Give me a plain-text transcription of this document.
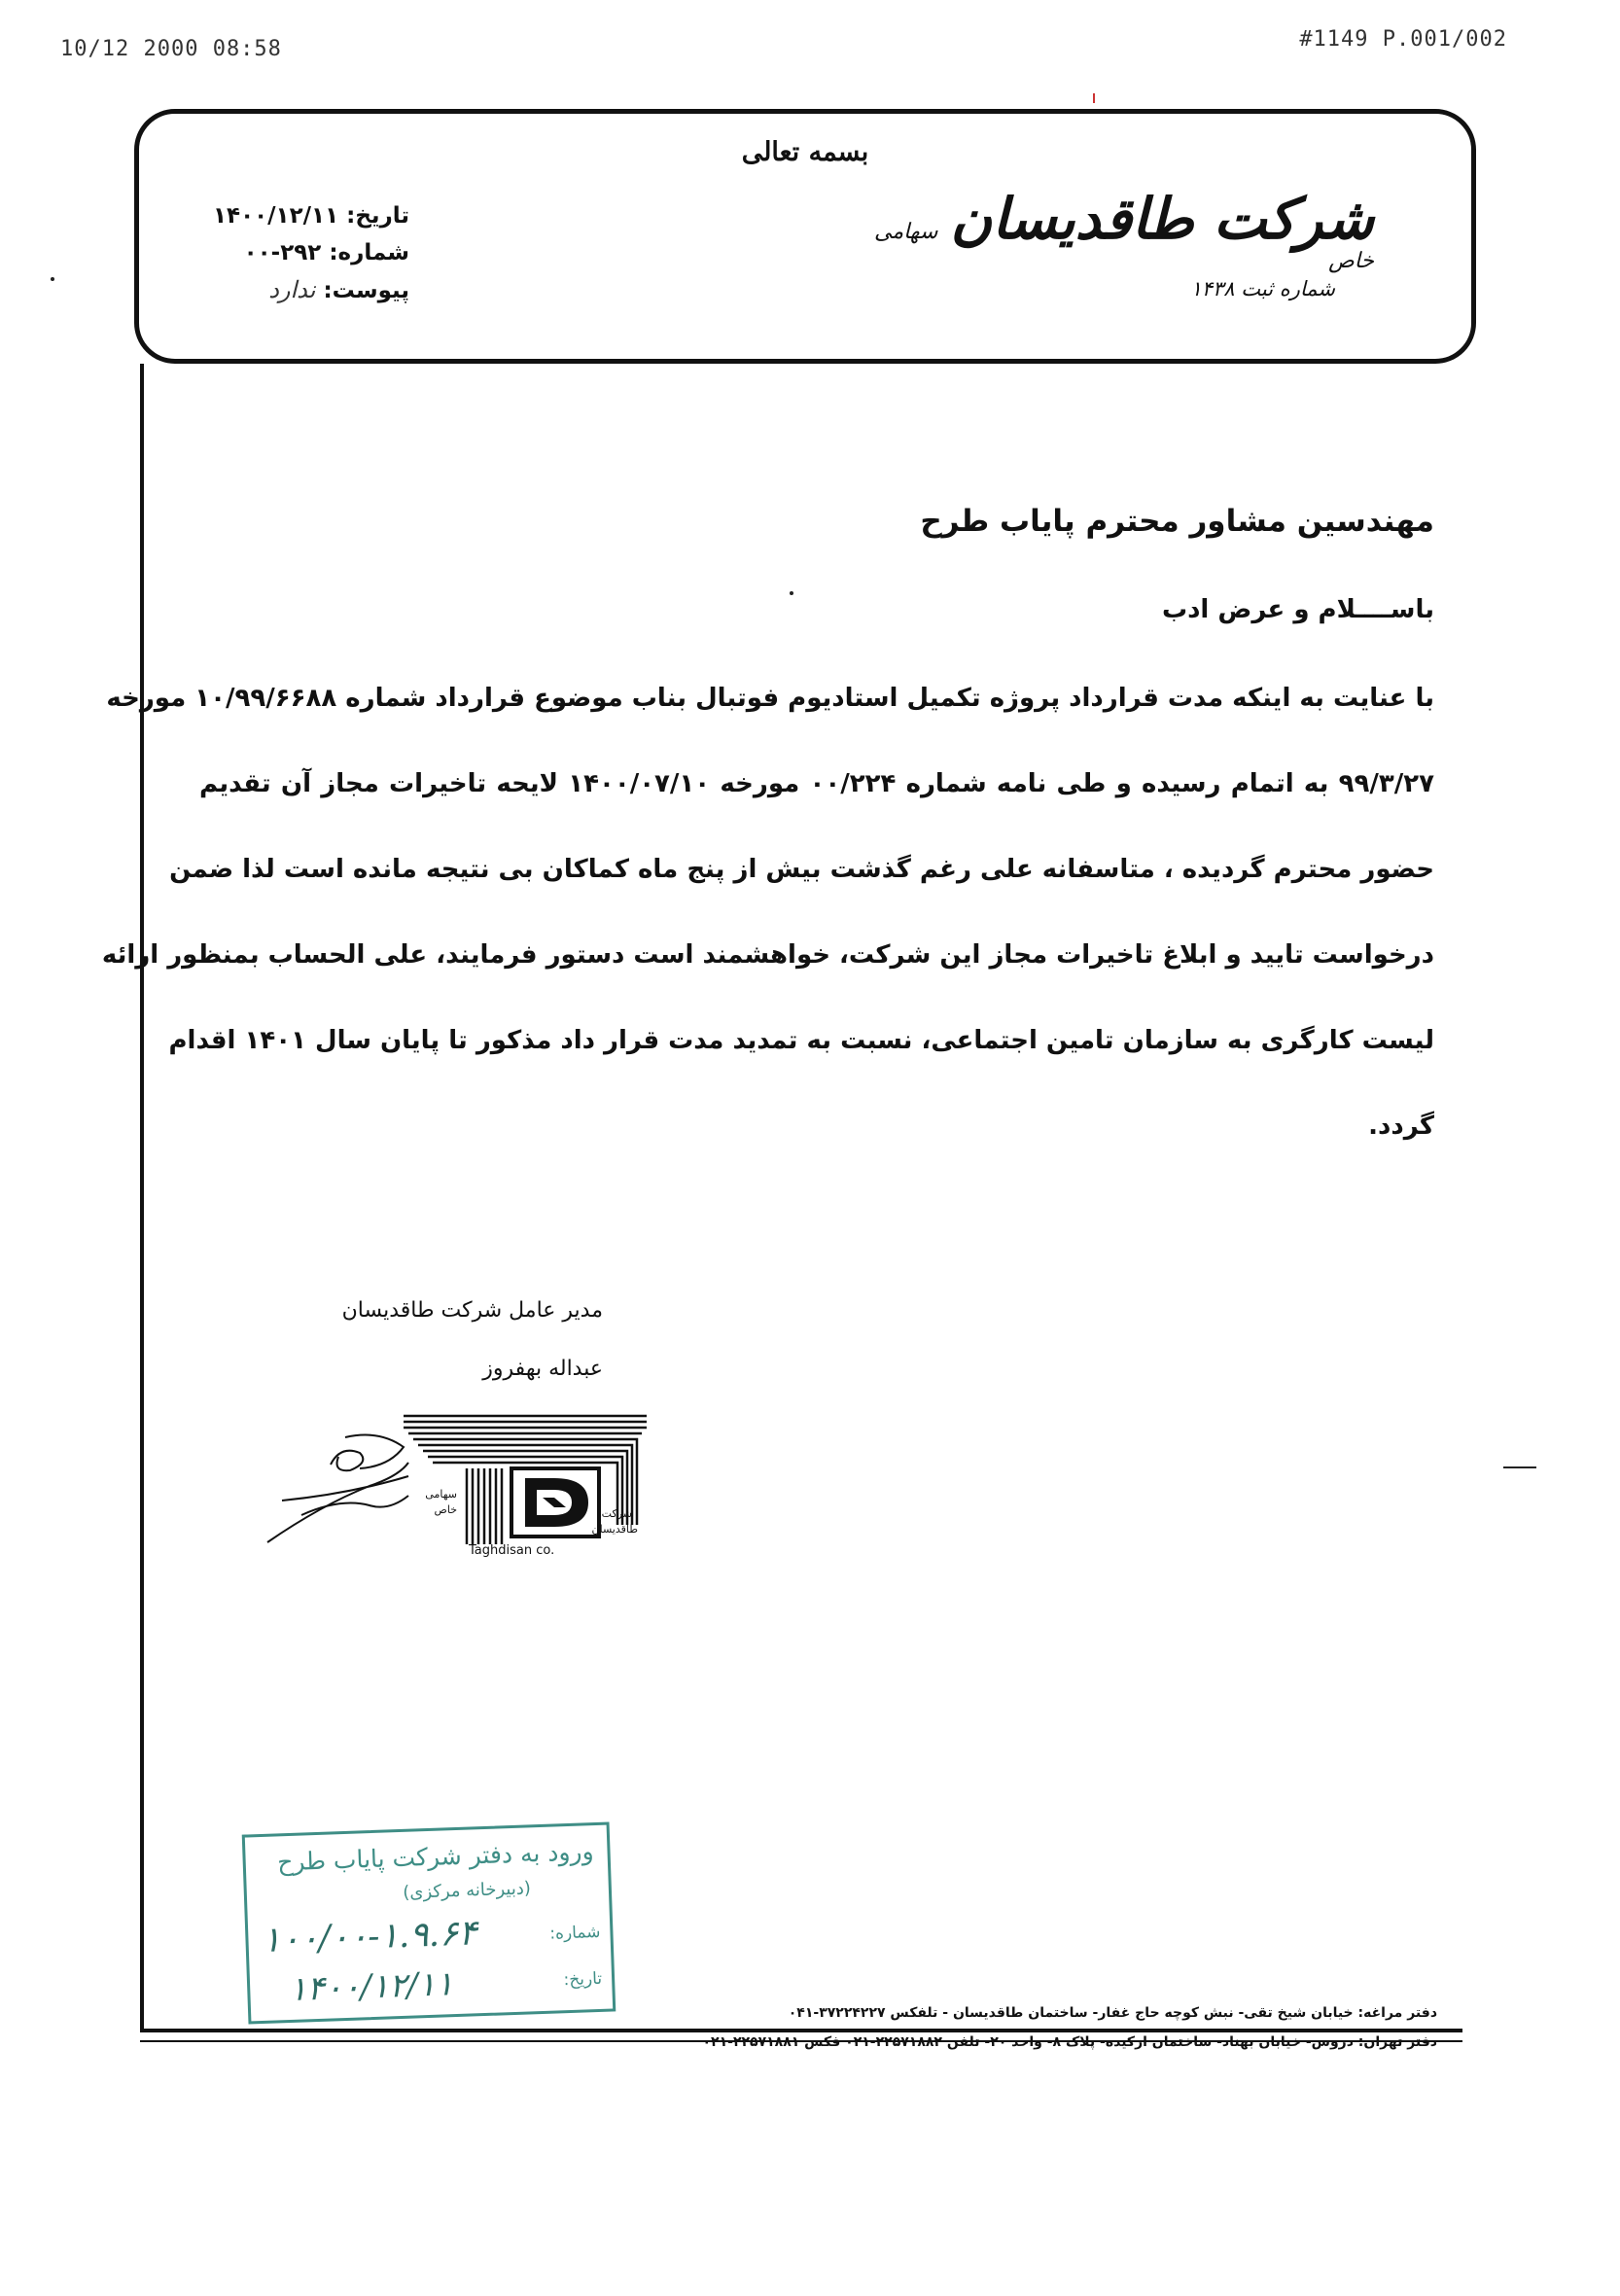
10/12 2000 08:58	#1149 P.001/002
بسمه تعالی
شرکت طاقدیسان سهامی خاص
شماره ثبت ۱۴۳۸
تاریخ: ۱۴۰۰/۱۲/۱۱
شماره: ۲۹۲-۰۰
پیوست: ندارد
مهندسین مشاور محترم پایاب طرح
باســــلام و عرض ادب
با عنایت به اینکه مدت قرارداد پروژه تکمیل استادیوم فوتبال بناب موضوع قرارداد شماره ۱۰/۹۹/۶۶۸۸ مورخه
۹۹/۳/۲۷ به اتمام رسیده و طی نامه شماره ۰۰/۲۲۴ مورخه ۱۴۰۰/۰۷/۱۰ لایحه تاخیرات مجاز آن تقدیم
حضور محترم گردیده ، متاسفانه علی رغم گذشت بیش از پنج ماه کماکان بی نتیجه مانده است لذا ضمن
درخواست تایید و ابلاغ تاخیرات مجاز این شرکت، خواهشمند است دستور فرمایند، علی الحساب بمنظور ارائه
لیست کارگری به سازمان تامین اجتماعی، نسبت به تمدید مدت قرار داد مذکور تا پایان سال ۱۴۰۱ اقدام
گردد.
مدیر عامل شرکت طاقدیسان
عبداله بهفروز
شرکت
طاقدیسان
سهامی
خاص
Taghdisan co.
ورود به دفتر شرکت پایاب طرح
(دبیرخانه مرکزی)
شماره:
۱۰۰/۰۰-۱.۹.۶۴
تاریخ:
۱۴۰۰/۱۲/۱۱
دفتر مراغه: خیابان شیخ تقی- نبش کوچه حاج غفار- ساختمان طاقدیسان - تلفکس ۳۷۲۲۴۲۲۷-۰۴۱
دفتر تهران: دروس- خیابان بهناد- ساختمان ارکیده- پلاک ۸- واحد ۲۰- تلفن ۲۲۵۷۱۸۸۲-۰۲۱ فکس ۲۲۵۷۱۸۸۱-۰۲۱
